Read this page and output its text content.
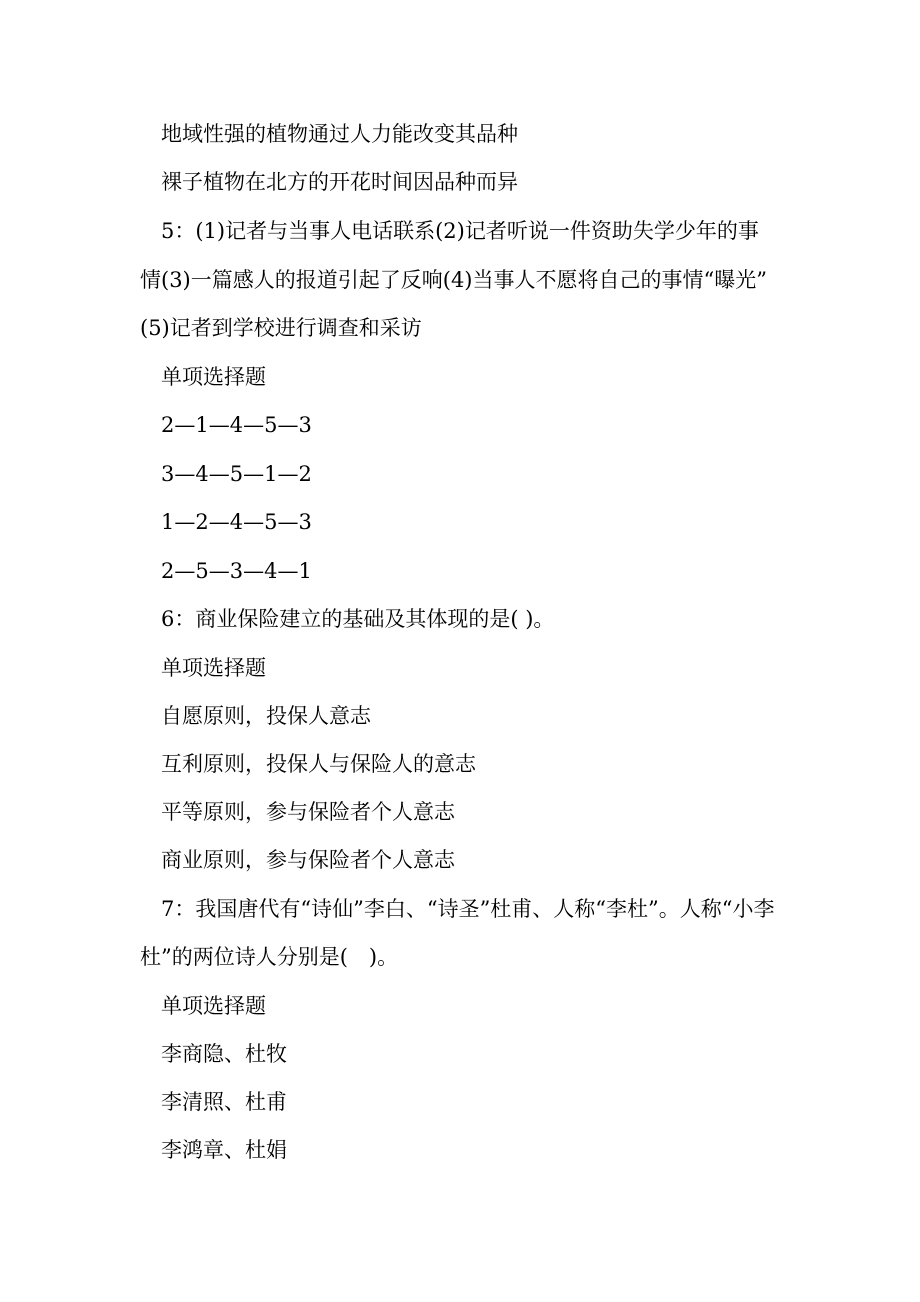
地域性强的植物通过人力能改变其品种
裸子植物在北方的开花时间因品种而异
5：(1)记者与当事人电话联系(2)记者听说一件资助失学少年的事
情(3)一篇感人的报道引起了反响(4)当事人不愿将自己的事情“曝光”
(5)记者到学校进行调查和采访
单项选择题
2—1—4—5—3
3—4—5—1—2
1—2—4—5—3
2—5—3—4—1
6：商业保险建立的基础及其体现的是( )。
单项选择题
自愿原则，投保人意志
互利原则，投保人与保险人的意志
平等原则，参与保险者个人意志
商业原则，参与保险者个人意志
7：我国唐代有“诗仙”李白、“诗圣”杜甫、人称“李杜”。人称“小李
杜”的两位诗人分别是(　)。
单项选择题
李商隐、杜牧
李清照、杜甫
李鸿章、杜娟
